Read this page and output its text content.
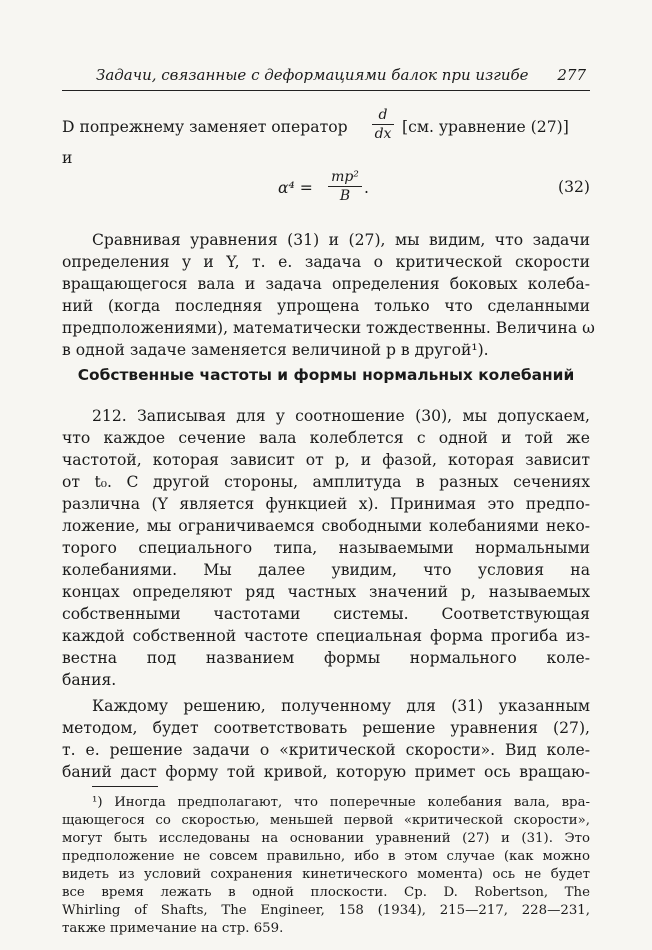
Задачи, связанные с деформациями балок при изгибе 277
D попрежнему заменяет оператор
d
dx [см. уравнение (27)]
и
α⁴ =
mp²
B .	(32)
Сравнивая уравнения (31) и (27), мы видим, что задачи
определения y и Y, т. е. задача о критической скорости
вращающегося вала и задача определения боковых колеба-
ний (когда последняя упрощена только что сделанными
предположениями), математически тождественны. Величина ω
в одной задаче заменяется величиной p в другой¹).
Собственные частоты и формы нормальных колебаний
212. Записывая для y соотношение (30), мы допускаем,
что каждое сечение вала колеблется с одной и той же
частотой, которая зависит от p, и фазой, которая зависит
от t₀. С другой стороны, амплитуда в разных сечениях
различна (Y является функцией x). Принимая это предпо-
ложение, мы ограничиваемся свободными колебаниями неко-
торого специального типа, называемыми нормальными
колебаниями. Мы далее увидим, что условия на
концах определяют ряд частных значений p, называемых
собственными частотами системы. Соответствующая
каждой собственной частоте специальная форма прогиба из-
вестна под названием формы нормального коле-
бания.
Каждому решению, полученному для (31) указанным
методом, будет соответствовать решение уравнения (27),
т. е. решение задачи о «критической скорости». Вид коле-
баний даст форму той кривой, которую примет ось вращаю-
¹) Иногда предполагают, что поперечные колебания вала, вра-
щающегося со скоростью, меньшей первой «критической скорости»,
могут быть исследованы на основании уравнений (27) и (31). Это
предположение не совсем правильно, ибо в этом случае (как можно
видеть из условий сохранения кинетического момента) ось не будет
все время лежать в одной плоскости. Ср. D. Robertson, The
Whirling of Shafts, The Engineer, 158 (1934), 215—217, 228—231,
также примечание на стр. 659.
